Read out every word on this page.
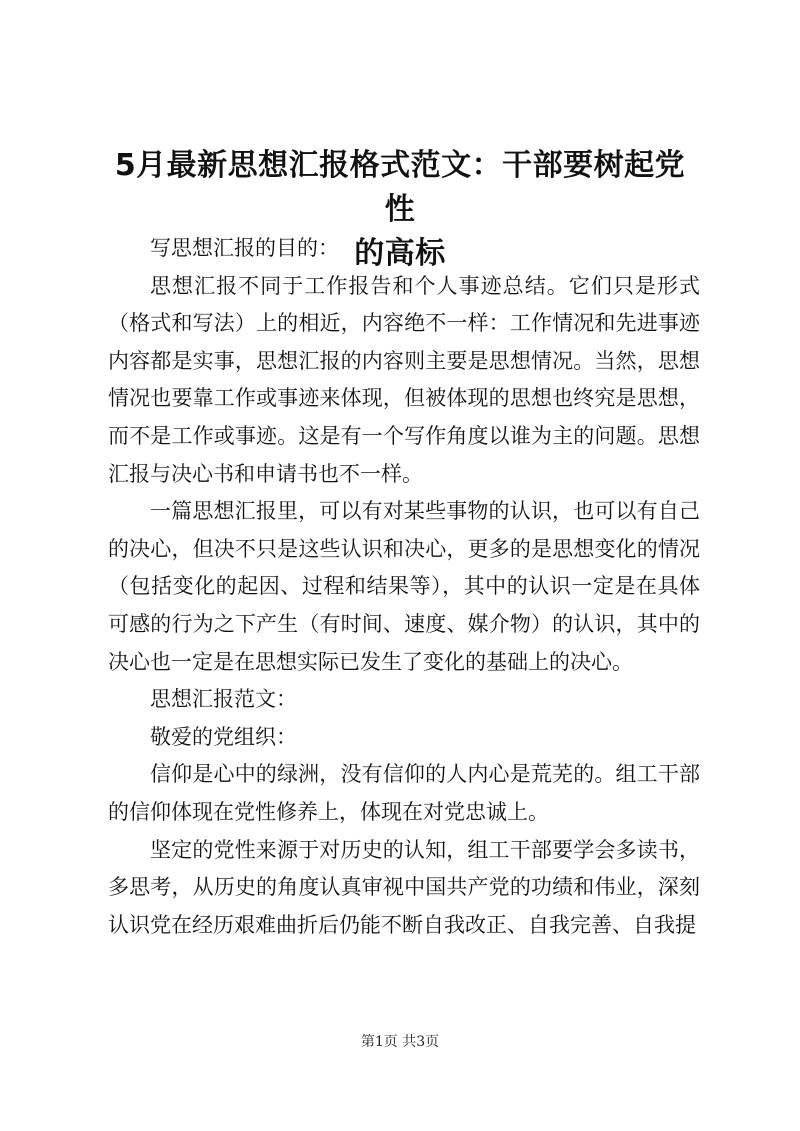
5月最新思想汇报格式范文：干部要树起党性
的高标

写思想汇报的目的：

思想汇报不同于工作报告和个人事迹总结。它们只是形式
（格式和写法）上的相近，内容绝不一样：工作情况和先进事迹
内容都是实事，思想汇报的内容则主要是思想情况。当然，思想
情况也要靠工作或事迹来体现，但被体现的思想也终究是思想，
而不是工作或事迹。这是有一个写作角度以谁为主的问题。思想
汇报与决心书和申请书也不一样。

一篇思想汇报里，可以有对某些事物的认识，也可以有自己
的决心，但决不只是这些认识和决心，更多的是思想变化的情况
（包括变化的起因、过程和结果等），其中的认识一定是在具体
可感的行为之下产生（有时间、速度、媒介物）的认识，其中的
决心也一定是在思想实际已发生了变化的基础上的决心。

思想汇报范文：

敬爱的党组织：

信仰是心中的绿洲，没有信仰的人内心是荒芜的。组工干部
的信仰体现在党性修养上，体现在对党忠诚上。

坚定的党性来源于对历史的认知，组工干部要学会多读书，
多思考，从历史的角度认真审视中国共产党的功绩和伟业，深刻
认识党在经历艰难曲折后仍能不断自我改正、自我完善、自我提

第1页 共3页
